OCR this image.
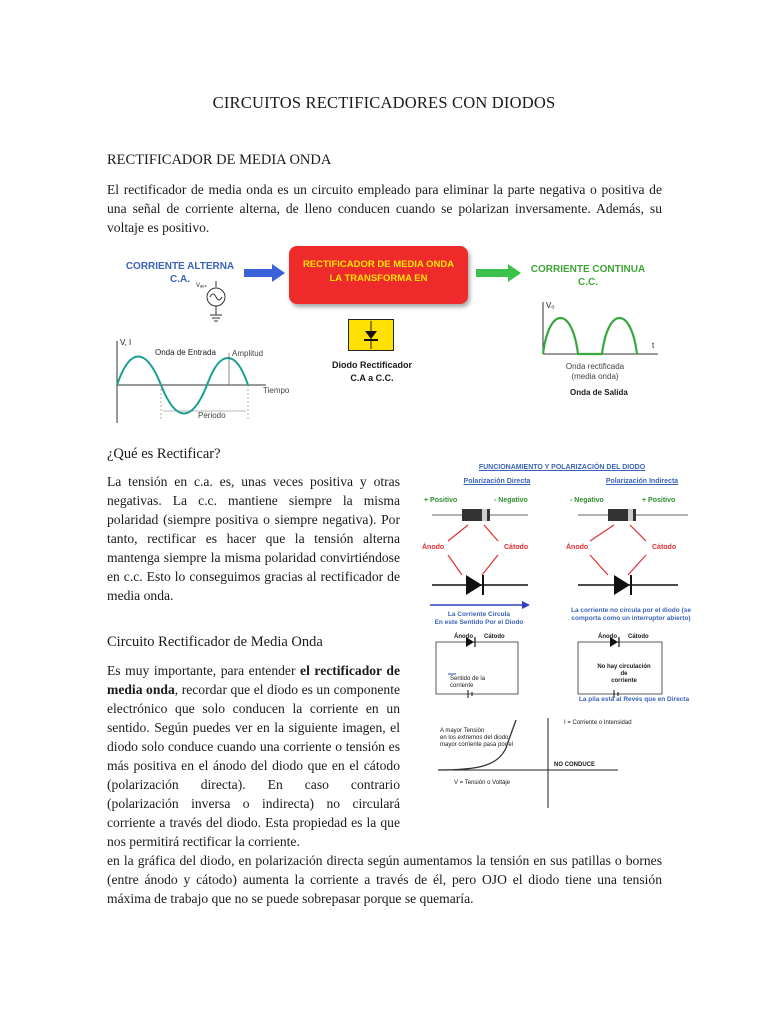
CIRCUITOS RECTIFICADORES CON DIODOS
RECTIFICADOR DE MEDIA ONDA
El rectificador de media onda es un circuito empleado para eliminar la parte negativa o positiva de una señal de corriente alterna, de lleno conducen cuando se polarizan inversamente. Además, su voltaje es positivo.
CORRIENTE ALTERNA
C.A.
Vₐₑₛ
RECTIFICADOR DE MEDIA ONDA
LA TRANSFORMA EN
CORRIENTE CONTINUA
C.C.
Diodo Rectificador
C.A a C.C.
V, I
Onda de Entrada Amplitud
Tiempo
Periodo
Vₒ
t
Onda rectificada
(media onda)
Onda de Salida
¿Qué es Rectificar?
La tensión en c.a. es, unas veces positiva y otras negativas. La c.c. mantiene siempre la misma polaridad (siempre positiva o siempre negativa). Por tanto, rectificar es hacer que la tensión alterna mantenga siempre la misma polaridad convirtiéndose en c.c. Esto lo conseguimos gracias al rectificador de media onda.
Circuito Rectificador de Media Onda
Es muy importante, para entender el rectificador de media onda, recordar que el diodo es un componente electrónico que solo conducen la corriente en un sentido. Según puedes ver en la siguiente imagen, el diodo solo conduce cuando una corriente o tensión es más positiva en el ánodo del diodo que en el cátodo (polarización directa). En caso contrario (polarización inversa o indirecta) no circulará corriente a través del diodo. Esta propiedad es la que nos permitirá rectificar la corriente.
FUNCIONAMIENTO Y POLARIZACIÓN DEL DIODO
Polarización Directa	Polarización Indirecta
+ Positivo	- Negativo	- Negativo	+ Positivo
Ánodo	Cátodo	Ánodo	Cátodo
La Corriente Circula
En este Sentido Por el Diodo
La corriente no circula por el diodo (se
comporta como un interruptor abierto)
Ánodo Cátodo	Ánodo Cátodo
Sentido de la
corriente
No hay circulación de
corriente
La pila está al Revés que en Directa
A mayor Tensión
en los extremos del diodo
mayor corriente pasa por el
I = Corriente o Intensidad
NO CONDUCE
V = Tensión o Voltaje
en la gráfica del diodo, en polarización directa según aumentamos la tensión en sus patillas o bornes (entre ánodo y cátodo) aumenta la corriente a través de él, pero OJO el diodo tiene una tensión máxima de trabajo que no se puede sobrepasar porque se quemaría.
